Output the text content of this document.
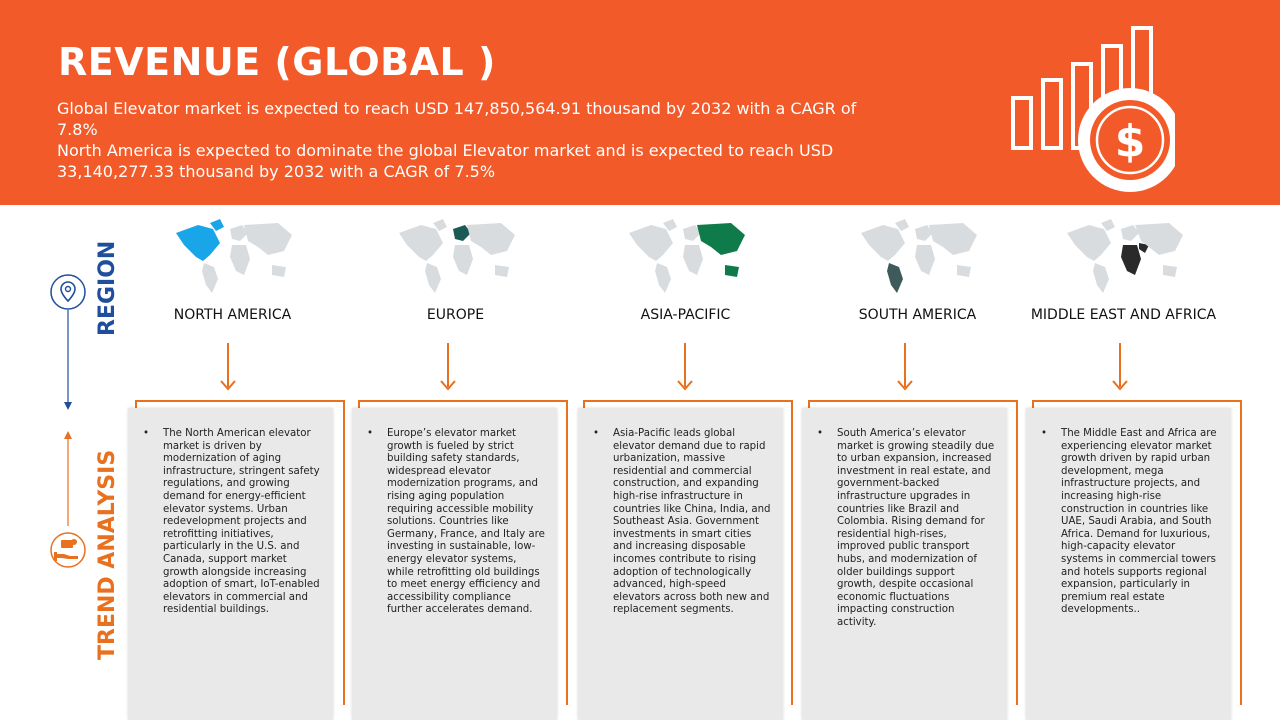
REVENUE (GLOBAL )

Global Elevator market is expected to reach USD 147,850,564.91 thousand by 2032 with a CAGR of 7.8%

North America is expected to dominate the global Elevator market and is expected to reach USD 33,140,277.33 thousand by 2032 with a CAGR of 7.5%

$
REGION
TREND ANALYSIS
NORTH AMERICA	EUROPE	ASIA-PACIFIC	SOUTH AMERICA	MIDDLE EAST AND AFRICA
• The North American elevator market is driven by modernization of aging infrastructure, stringent safety regulations, and growing demand for energy-efficient elevator systems. Urban redevelopment projects and retrofitting initiatives, particularly in the U.S. and Canada, support market growth alongside increasing adoption of smart, IoT-enabled elevators in commercial and residential buildings.
• Europe’s elevator market growth is fueled by strict building safety standards, widespread elevator modernization programs, and rising aging population requiring accessible mobility solutions. Countries like Germany, France, and Italy are investing in sustainable, low-energy elevator systems, while retrofitting old buildings to meet energy efficiency and accessibility compliance further accelerates demand.
• Asia-Pacific leads global elevator demand due to rapid urbanization, massive residential and commercial construction, and expanding high-rise infrastructure in countries like China, India, and Southeast Asia. Government investments in smart cities and increasing disposable incomes contribute to rising adoption of technologically advanced, high-speed elevators across both new and replacement segments.
• South America’s elevator market is growing steadily due to urban expansion, increased investment in real estate, and government-backed infrastructure upgrades in countries like Brazil and Colombia. Rising demand for residential high-rises, improved public transport hubs, and modernization of older buildings support growth, despite occasional economic fluctuations impacting construction activity.
• The Middle East and Africa are experiencing elevator market growth driven by rapid urban development, mega infrastructure projects, and increasing high-rise construction in countries like UAE, Saudi Arabia, and South Africa. Demand for luxurious, high-capacity elevator systems in commercial towers and hotels supports regional expansion, particularly in premium real estate developments..
